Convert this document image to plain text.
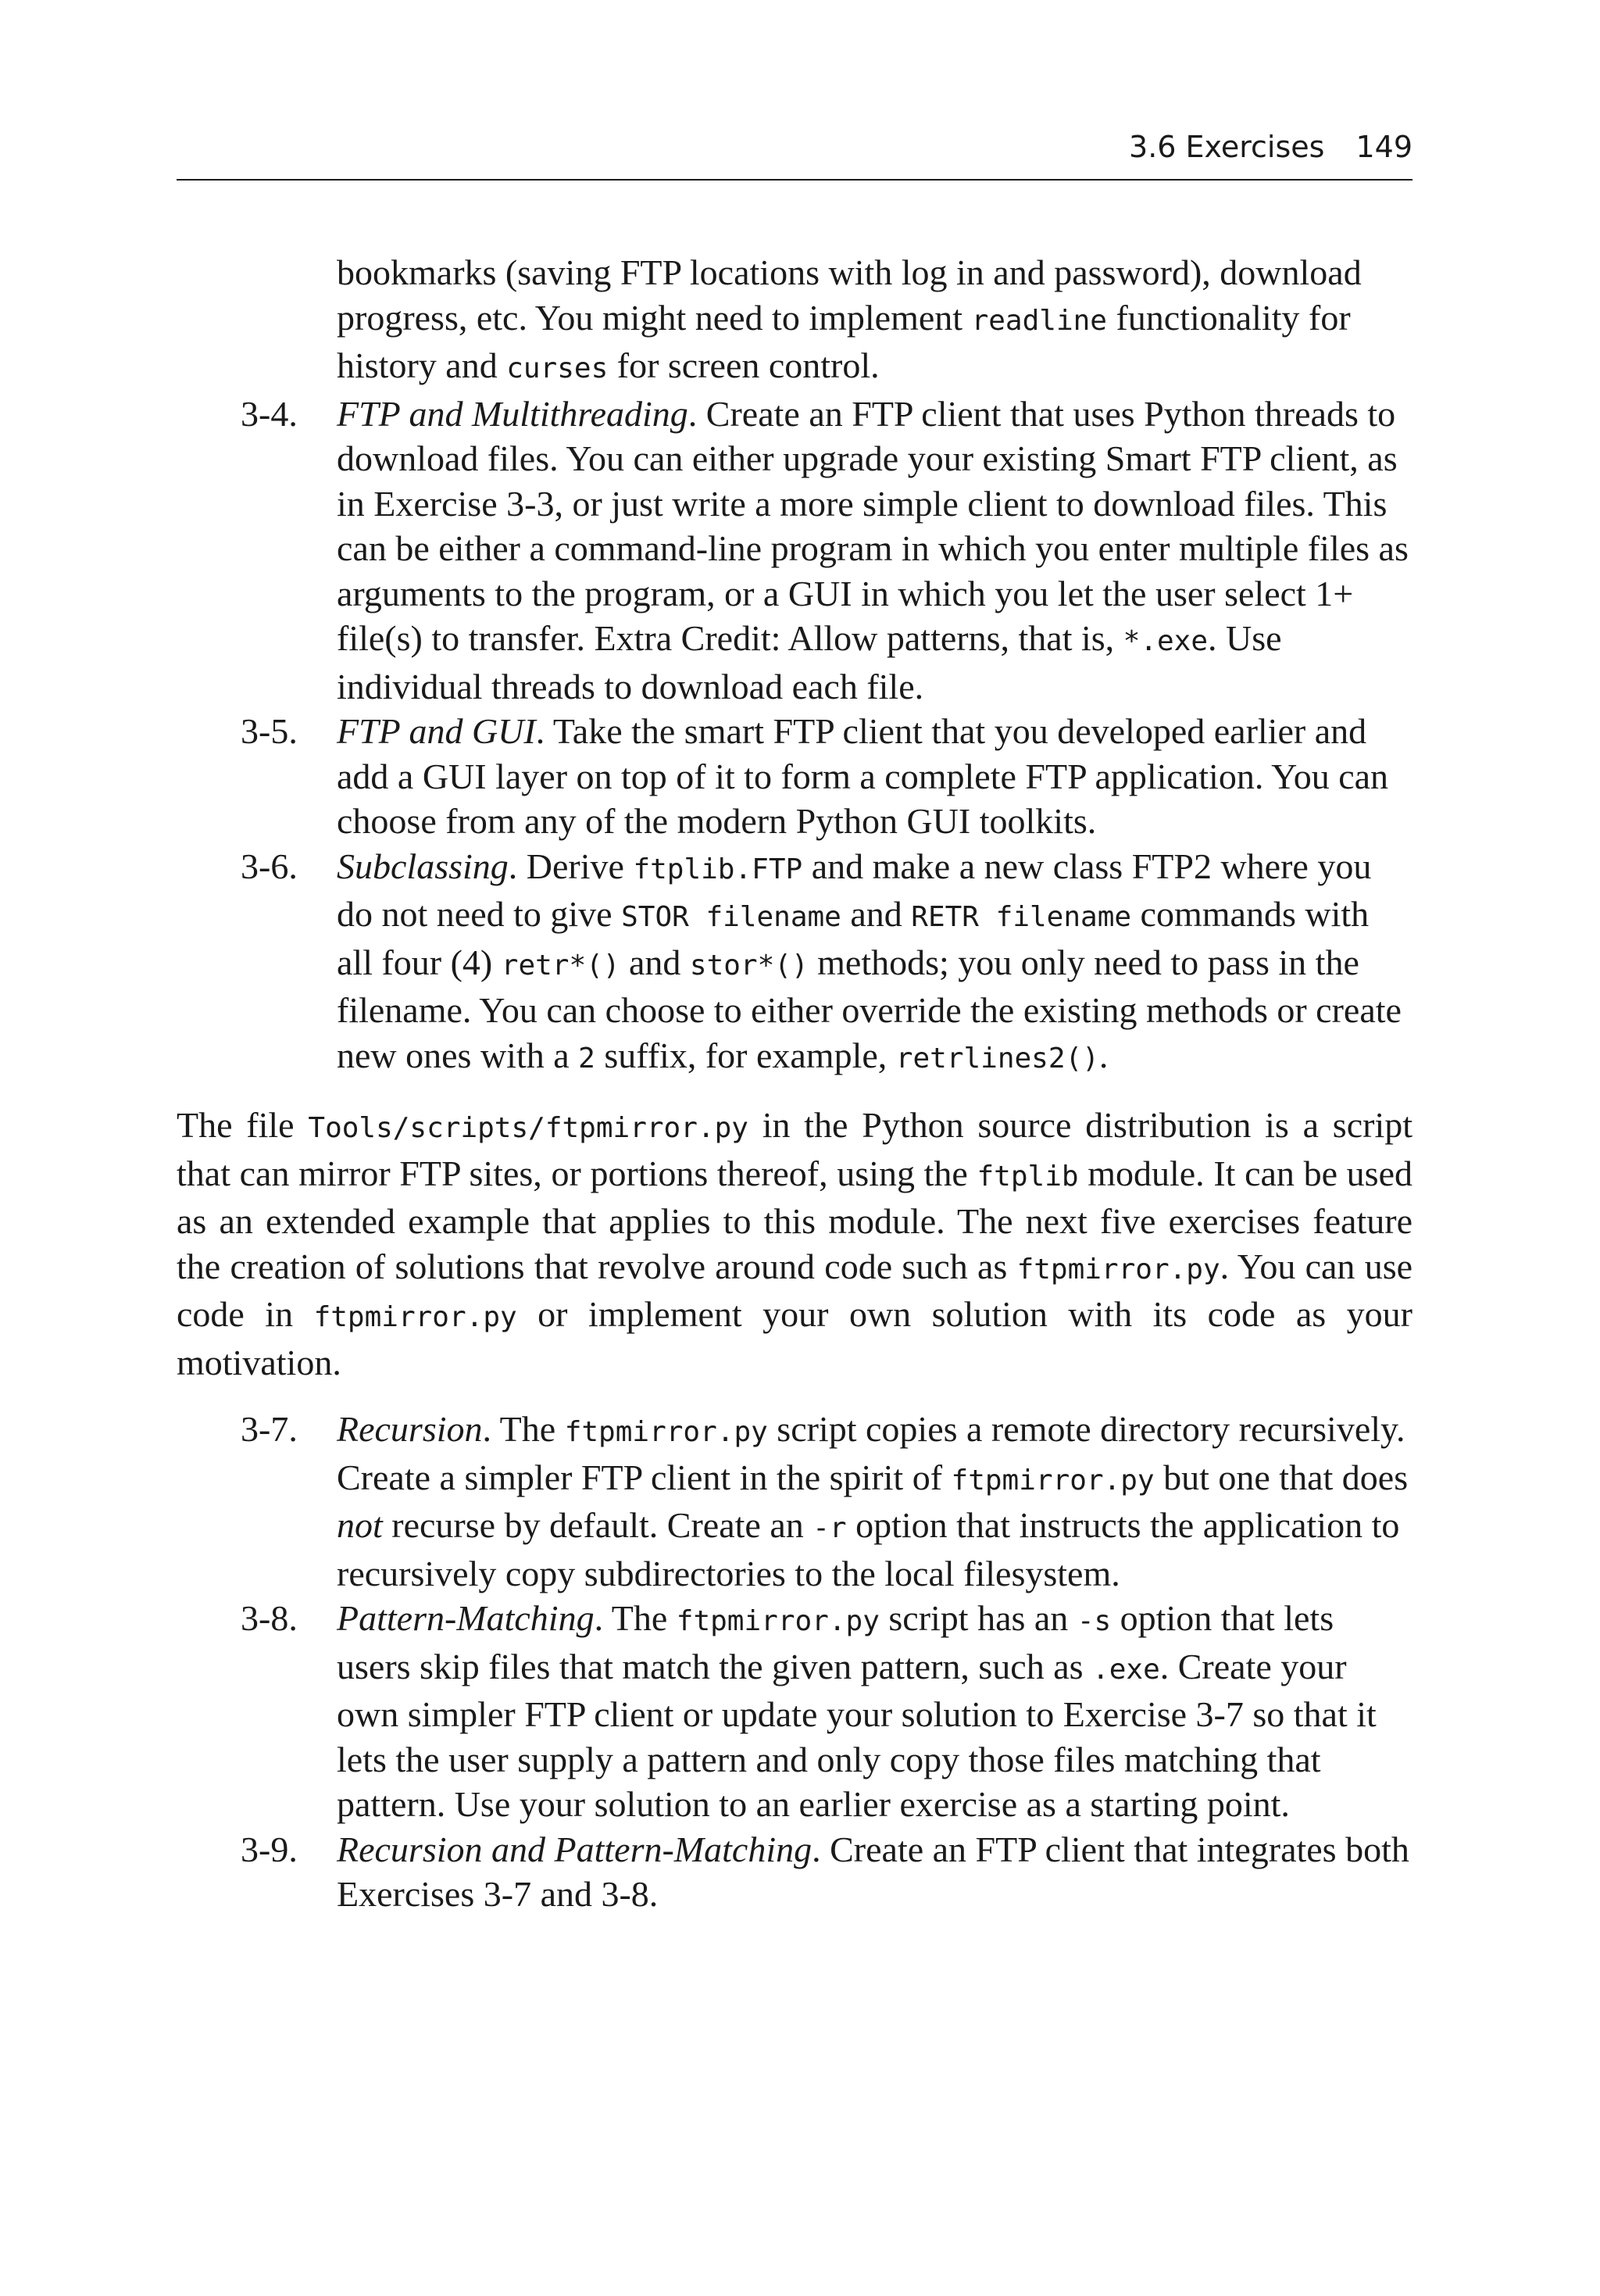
3.6 Exercises 149
bookmarks (saving FTP locations with log in and password), download progress, etc. You might need to implement readline functionality for history and curses for screen control.
3-4. FTP and Multithreading. Create an FTP client that uses Python threads to download files. You can either upgrade your existing Smart FTP client, as in Exercise 3-3, or just write a more simple client to download files. This can be either a command-line program in which you enter multiple files as arguments to the program, or a GUI in which you let the user select 1+ file(s) to transfer. Extra Credit: Allow patterns, that is, *.exe. Use individual threads to download each file.
3-5. FTP and GUI. Take the smart FTP client that you developed earlier and add a GUI layer on top of it to form a complete FTP application. You can choose from any of the modern Python GUI toolkits.
3-6. Subclassing. Derive ftplib.FTP and make a new class FTP2 where you do not need to give STOR filename and RETR filename commands with all four (4) retr*() and stor*() methods; you only need to pass in the filename. You can choose to either override the existing methods or create new ones with a 2 suffix, for example, retrlines2().
The file Tools/scripts/ftpmirror.py in the Python source distribution is a script that can mirror FTP sites, or portions thereof, using the ftplib module. It can be used as an extended example that applies to this module. The next five exercises feature the creation of solutions that revolve around code such as ftpmirror.py. You can use code in ftpmirror.py or implement your own solution with its code as your motivation.
3-7. Recursion. The ftpmirror.py script copies a remote directory recursively. Create a simpler FTP client in the spirit of ftpmirror.py but one that does not recurse by default. Create an -r option that instructs the application to recursively copy subdirectories to the local filesystem.
3-8. Pattern-Matching. The ftpmirror.py script has an -s option that lets users skip files that match the given pattern, such as .exe. Create your own simpler FTP client or update your solution to Exercise 3-7 so that it lets the user supply a pattern and only copy those files matching that pattern. Use your solution to an earlier exercise as a starting point.
3-9. Recursion and Pattern-Matching. Create an FTP client that integrates both Exercises 3-7 and 3-8.
